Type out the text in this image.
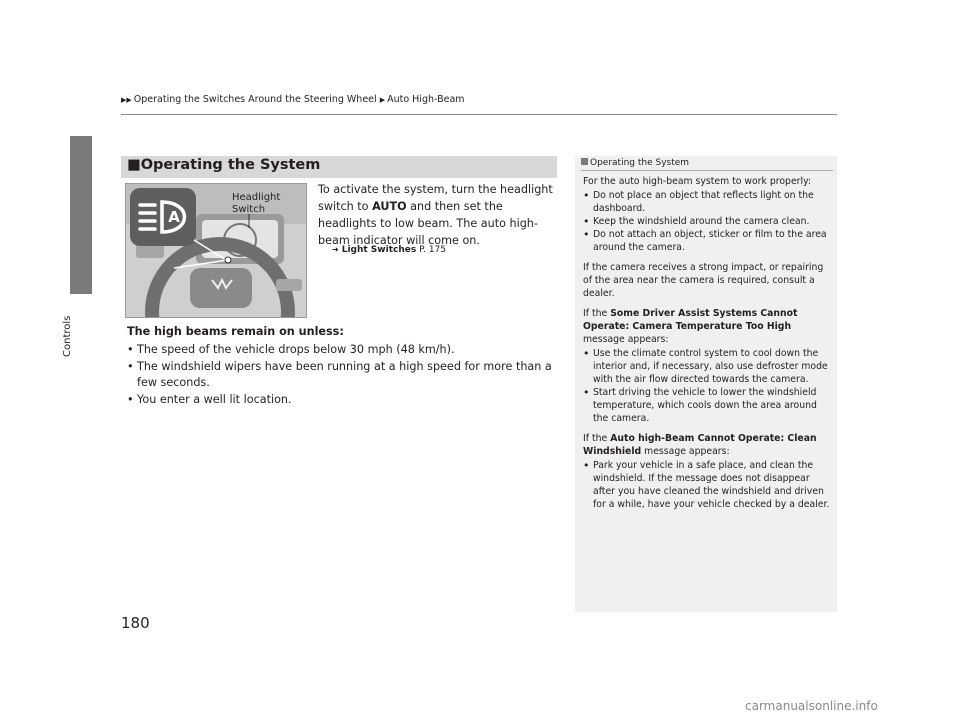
Controls
▶▶ Operating the Switches Around the Steering Wheel ▶ Auto High-Beam
■Operating the System
A
Headlight
Switch
To activate the system, turn the headlight switch to AUTO and then set the headlights to low beam. The auto high-beam indicator will come on.
➜ Light Switches P. 175
The high beams remain on unless:
• The speed of the vehicle drops below 30 mph (48 km/h).
• The windshield wipers have been running at a high speed for more than a few seconds.
• You enter a well lit location.
Operating the System

For the auto high-beam system to work properly:

• Do not place an object that reflects light on the dashboard.
• Keep the windshield around the camera clean.
• Do not attach an object, sticker or film to the area around the camera.

If the camera receives a strong impact, or repairing of the area near the camera is required, consult a dealer.

If the Some Driver Assist Systems Cannot Operate: Camera Temperature Too High message appears:

• Use the climate control system to cool down the interior and, if necessary, also use defroster mode with the air flow directed towards the camera.
• Start driving the vehicle to lower the windshield temperature, which cools down the area around the camera.

If the Auto high-Beam Cannot Operate: Clean Windshield message appears:

• Park your vehicle in a safe place, and clean the windshield. If the message does not disappear after you have cleaned the windshield and driven for a while, have your vehicle checked by a dealer.
180
carmanualsonline.info
